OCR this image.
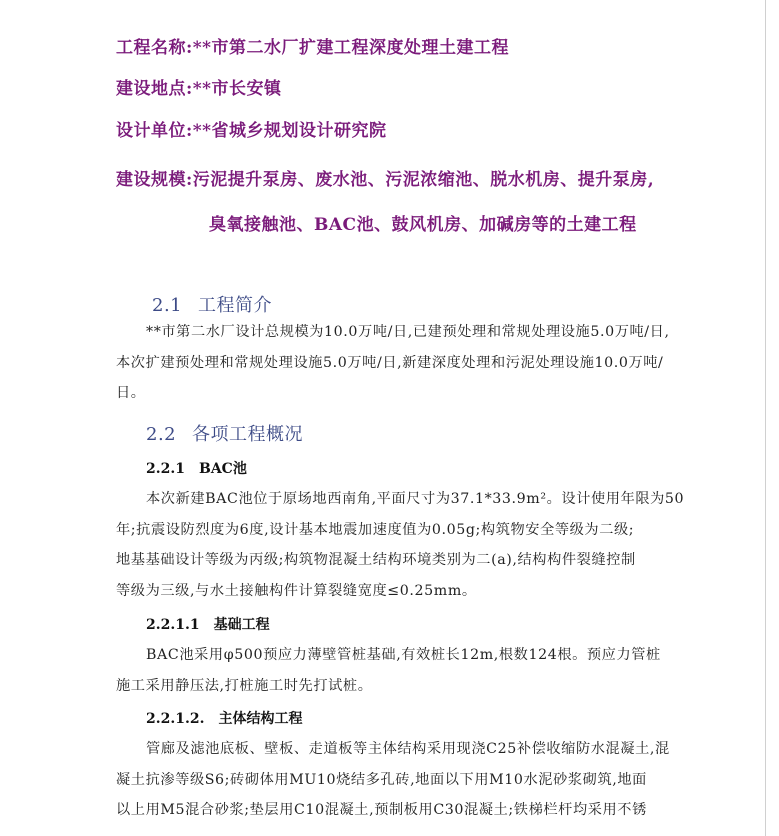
工程名称:**市第二水厂扩建工程深度处理土建工程
建设地点:**市长安镇
设计单位:**省城乡规划设计研究院
建设规模:污泥提升泵房、废水池、污泥浓缩池、脱水机房、提升泵房,
臭氧接触池、BAC池、鼓风机房、加碱房等的土建工程
2.1 工程简介
**市第二水厂设计总规模为10.0万吨/日,已建预处理和常规处理设施5.0万吨/日,
本次扩建预处理和常规处理设施5.0万吨/日,新建深度处理和污泥处理设施10.0万吨/
日。
2.2 各项工程概况
2.2.1 BAC池
本次新建BAC池位于原场地西南角,平面尺寸为37.1*33.9m²。设计使用年限为50
年;抗震设防烈度为6度,设计基本地震加速度值为0.05g;构筑物安全等级为二级;
地基基础设计等级为丙级;构筑物混凝土结构环境类别为二(a),结构构件裂缝控制
等级为三级,与水土接触构件计算裂缝宽度≤0.25mm。
2.2.1.1 基础工程
BAC池采用φ500预应力薄壁管桩基础,有效桩长12m,根数124根。预应力管桩
施工采用静压法,打桩施工时先打试桩。
2.2.1.2. 主体结构工程
管廊及滤池底板、壁板、走道板等主体结构采用现浇C25补偿收缩防水混凝土,混
凝土抗渗等级S6;砖砌体用MU10烧结多孔砖,地面以下用M10水泥砂浆砌筑,地面
以上用M5混合砂浆;垫层用C10混凝土,预制板用C30混凝土;铁梯栏杆均采用不锈
